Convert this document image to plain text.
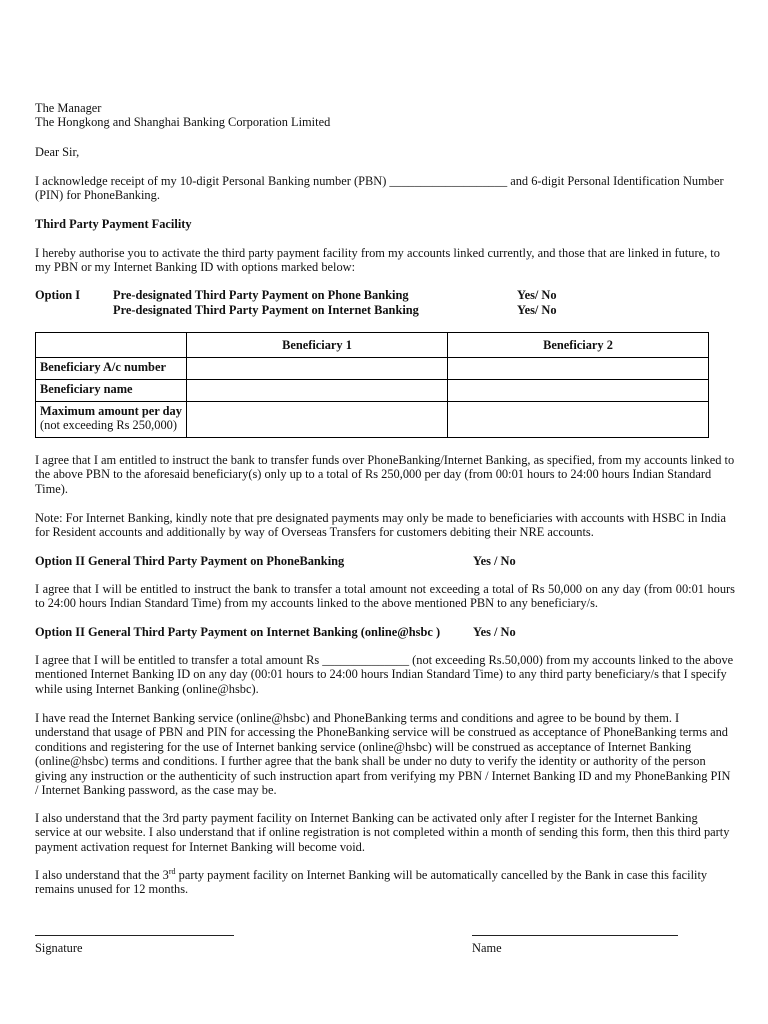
The Manager
The Hongkong and Shanghai Banking Corporation Limited

Dear Sir,

I acknowledge receipt of my 10-digit Personal Banking number (PBN) ___________________ and 6-digit Personal Identification Number (PIN) for PhoneBanking.

Third Party Payment Facility

I hereby authorise you to activate the third party payment facility from my accounts linked currently, and those that are linked in future, to my PBN or my Internet Banking ID with options marked below:

Option I	Pre-designated Third Party Payment on Phone Banking	Yes/ No
Pre-designated Third Party Payment on Internet Banking	Yes/ No
	Beneficiary 1	Beneficiary 2
Beneficiary A/c number		
Beneficiary name		
Maximum amount per day
(not exceeding Rs 250,000)		

I agree that I am entitled to instruct the bank to transfer funds over PhoneBanking/Internet Banking, as specified, from my accounts linked to the above PBN to the aforesaid beneficiary(s) only up to a total of Rs 250,000 per day (from 00:01 hours to 24:00 hours Indian Standard Time).

Note: For Internet Banking, kindly note that pre designated payments may only be made to beneficiaries with accounts with HSBC in India for Resident accounts and additionally by way of Overseas Transfers for customers debiting their NRE accounts.

Option II General Third Party Payment on PhoneBanking	Yes / No

I agree that I will be entitled to instruct the bank to transfer a total amount not exceeding a total of Rs 50,000 on any day (from 00:01 hours to 24:00 hours Indian Standard Time) from my accounts linked to the above mentioned PBN to any beneficiary/s.

Option II General Third Party Payment on Internet Banking (online@hsbc )	Yes / No

I agree that I will be entitled to transfer a total amount Rs ______________ (not exceeding Rs.50,000) from my accounts linked to the above mentioned Internet Banking ID on any day (00:01 hours to 24:00 hours Indian Standard Time) to any third party beneficiary/s that I specify while using Internet Banking (online@hsbc).

I have read the Internet Banking service (online@hsbc) and PhoneBanking terms and conditions and agree to be bound by them. I understand that usage of PBN and PIN for accessing the PhoneBanking service will be construed as acceptance of PhoneBanking terms and conditions and registering for the use of Internet banking service (online@hsbc) will be construed as acceptance of Internet Banking (online@hsbc) terms and conditions. I further agree that the bank shall be under no duty to verify the identity or authority of the person giving any instruction or the authenticity of such instruction apart from verifying my PBN / Internet Banking ID and my PhoneBanking PIN / Internet Banking password, as the case may be.

I also understand that the 3rd party payment facility on Internet Banking can be activated only after I register for the Internet Banking service at our website. I also understand that if online registration is not completed within a month of sending this form, then this third party payment activation request for Internet Banking will become void.

I also understand that the 3rd party payment facility on Internet Banking will be automatically cancelled by the Bank in case this facility remains unused for 12 months.

Signature	Name
